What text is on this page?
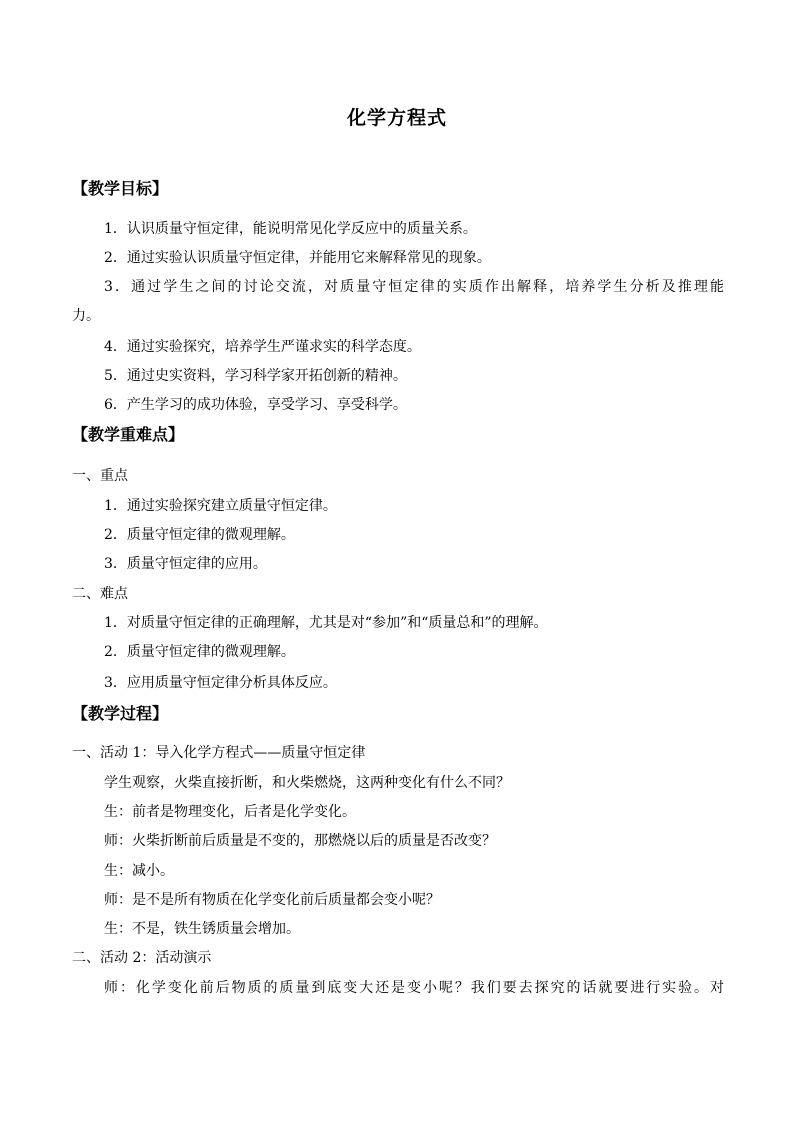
化学方程式
【教学目标】
1．认识质量守恒定律，能说明常见化学反应中的质量关系。
2．通过实验认识质量守恒定律，并能用它来解释常见的现象。
3．通过学生之间的讨论交流，对质量守恒定律的实质作出解释，培养学生分析及推理能
力。
4．通过实验探究，培养学生严谨求实的科学态度。
5．通过史实资料，学习科学家开拓创新的精神。
6．产生学习的成功体验，享受学习、享受科学。
【教学重难点】
一、重点
1．通过实验探究建立质量守恒定律。
2．质量守恒定律的微观理解。
3．质量守恒定律的应用。
二、难点
1．对质量守恒定律的正确理解，尤其是对“参加”和“质量总和”的理解。
2．质量守恒定律的微观理解。
3．应用质量守恒定律分析具体反应。
【教学过程】
一、活动 1：导入化学方程式——质量守恒定律
学生观察，火柴直接折断，和火柴燃烧，这两种变化有什么不同？
生：前者是物理变化，后者是化学变化。
师：火柴折断前后质量是不变的，那燃烧以后的质量是否改变？
生：减小。
师：是不是所有物质在化学变化前后质量都会变小呢？
生：不是，铁生锈质量会增加。
二、活动 2：活动演示
师：化学变化前后物质的质量到底变大还是变小呢？我们要去探究的话就要进行实验。对
